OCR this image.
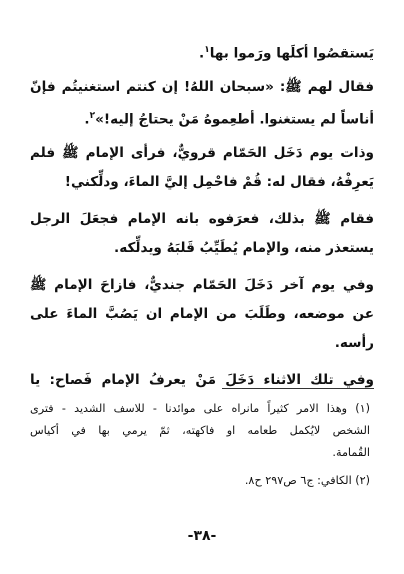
يَستقصُوا أكلَها ورَموا بها$^١$.
فقال لهم ﷺ: «سبحان اللهُ! إن كنتم استغنيتُم فإنّ
أناساً لم يستغنوا. أطعِموهُ مَنْ يحتاجُ إليه!»$^٢$.
وذات يوم دَخَل الحَمّام قرويٌّ، فرأى الإمام ﷺ فلم
يَعرِفْهُ، فقال له: قُمْ فاحْمِل إليَّ الماءَ، ودلِّكني!
فقام ﷺ بذلك، فعرَفوه بانه الإمام فجعَلَ الرجل
يستعذر منه، والإمام يُطَيِّبُ قَلبَهُ ويدلِّكه.
وفي يوم آخر دَخَلَ الحَمّام جنديٌّ، فازاحَ الإمام ﷺ
عن موضعه، وطَلَبَ من الإمام ان يَصُبَّ الماءَ على
رأسه.
وفي تلك الاثناء دَخَلَ مَنْ يعرفُ الإمام فَصاح: يا
(١) وهذا الامر كثيراً مانراه على موائدنا - للاسف الشديد - فترى
الشخص لايُكمل طعامه او فاكهته، ثمّ يرمي بها في أكياس
القُمامة.
(٢) الكافي: ج٦ ص٢٩٧ ح٨.
-٣٨-
